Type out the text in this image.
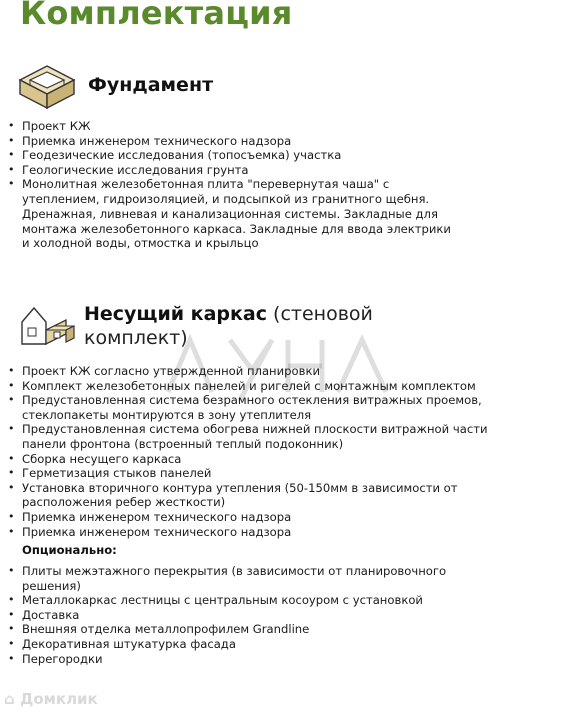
Комплектация
Фундамент
• Проект КЖ
• Приемка инженером технического надзора
• Геодезические исследования (топосъемка) участка
• Геологические исследования грунта
• Монолитная железобетонная плита "перевернутая чаша" с
утеплением, гидроизоляцией, и подсыпкой из гранитного щебня.
Дренажная, ливневая и канализационная системы. Закладные для
монтажа железобетонного каркаса. Закладные для ввода электрики
и холодной воды, отмостка и крыльцо
Несущий каркас (стеновой
комплект)
• Проект КЖ согласно утвержденной планировки
• Комплект железобетонных панелей и ригелей с монтажным комплектом
• Предустановленная система безрамного остекления витражных проемов,
стеклопакеты монтируются в зону утеплителя
• Предустановленная система обогрева нижней плоскости витражной части
панели фронтона (встроенный теплый подоконник)
• Сборка несущего каркаса
• Герметизация стыков панелей
• Установка вторичного контура утепления (50-150мм в зависимости от
расположения ребер жесткости)
• Приемка инженером технического надзора
• Приемка инженером технического надзора
Опционально:
• Плиты межэтажного перекрытия (в зависимости от планировочного
решения)
• Металлокаркас лестницы с центральным косоуром с установкой
• Доставка
• Внешняя отделка металлопрофилем Grandline
• Декоративная штукатурка фасада
• Перегородки
⌂ Домклик
